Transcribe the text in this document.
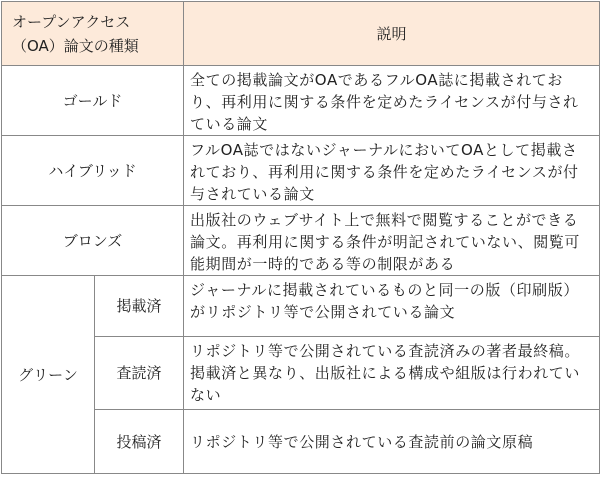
オープンアクセス
（OA）論文の種類		説明
ゴールド		全ての掲載論文がOAであるフルOA誌に掲載されており、再利用に関する条件を定めたライセンスが付与されている論文
ハイブリッド		フルOA誌ではないジャーナルにおいてOAとして掲載されており、再利用に関する条件を定めたライセンスが付与されている論文
ブロンズ		出版社のウェブサイト上で無料で閲覧することができる論文。再利用に関する条件が明記されていない、閲覧可能期間が一時的である等の制限がある
グリーン	掲載済	ジャーナルに掲載されているものと同一の版（印刷版）がリポジトリ等で公開されている論文
	査読済	リポジトリ等で公開されている査読済みの著者最終稿。掲載済と異なり、出版社による構成や組版は行われていない
	投稿済	リポジトリ等で公開されている査読前の論文原稿
